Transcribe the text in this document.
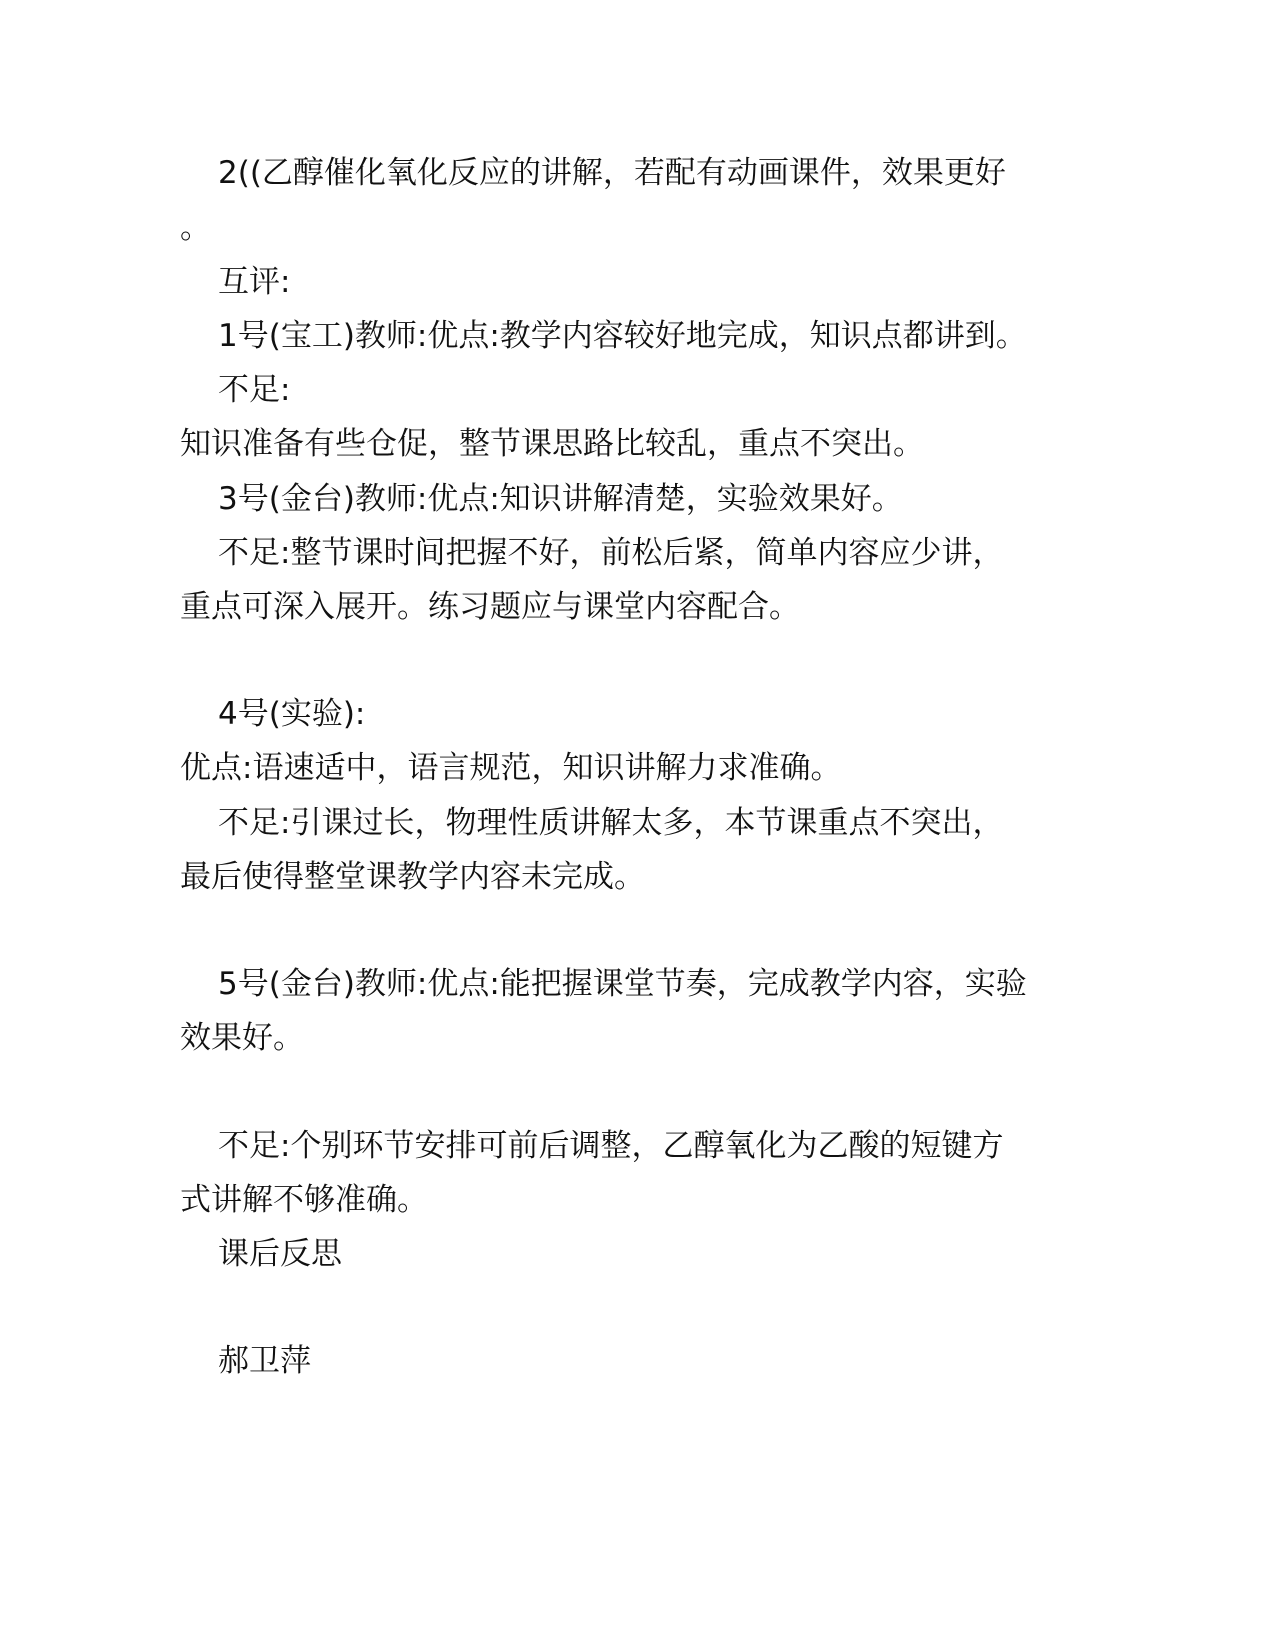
2((乙醇催化氧化反应的讲解，若配有动画课件，效果更好
。
互评:
1号(宝工)教师:优点:教学内容较好地完成，知识点都讲到。
不足:
知识准备有些仓促，整节课思路比较乱，重点不突出。
3号(金台)教师:优点:知识讲解清楚，实验效果好。
不足:整节课时间把握不好，前松后紧，简单内容应少讲，
重点可深入展开。练习题应与课堂内容配合。
4号(实验):
优点:语速适中，语言规范，知识讲解力求准确。
不足:引课过长，物理性质讲解太多，本节课重点不突出，
最后使得整堂课教学内容未完成。
5号(金台)教师:优点:能把握课堂节奏，完成教学内容，实验
效果好。
不足:个别环节安排可前后调整，乙醇氧化为乙酸的短键方
式讲解不够准确。
课后反思
郝卫萍
